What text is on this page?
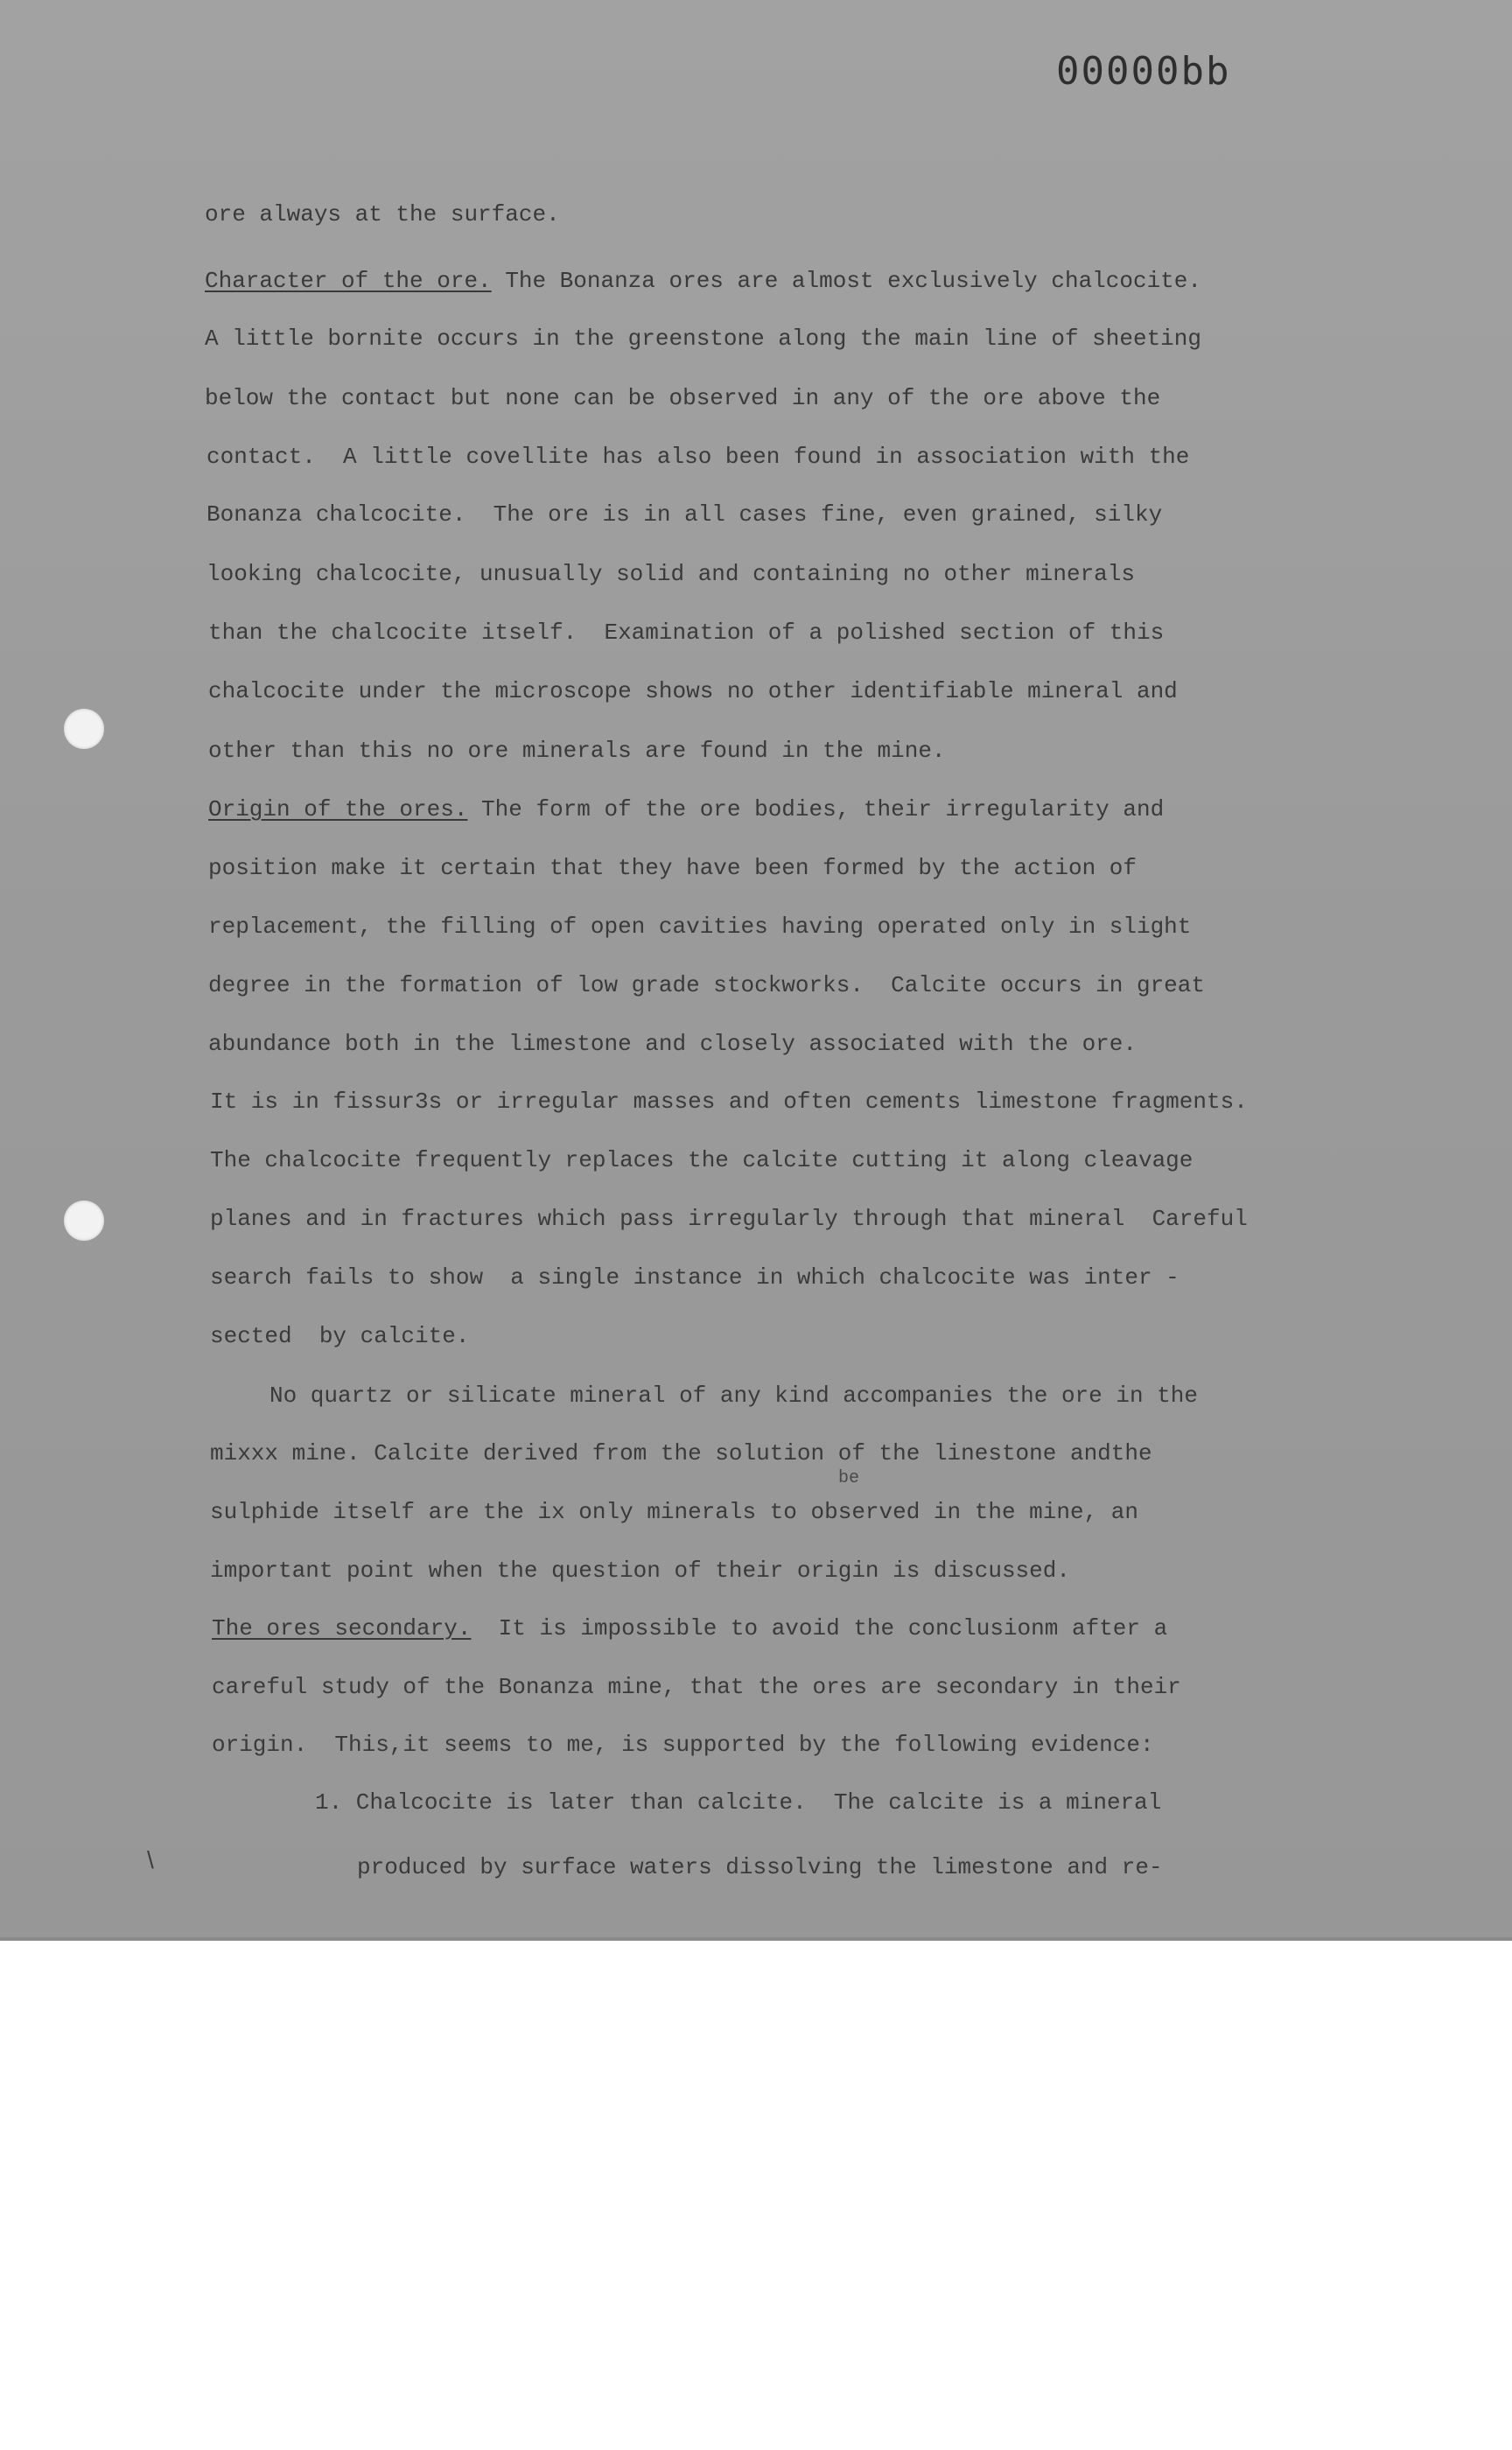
00000bb
ore always at the surface.
Character of the ore. The Bonanza ores are almost exclusively chalcocite.
A little bornite occurs in the greenstone along the main line of sheeting
below the contact but none can be observed in any of the ore above the
contact.  A little covellite has also been found in association with the
Bonanza chalcocite.  The ore is in all cases fine, even grained, silky
looking chalcocite, unusually solid and containing no other minerals
than the chalcocite itself.  Examination of a polished section of this
chalcocite under the microscope shows no other identifiable mineral and
other than this no ore minerals are found in the mine.
Origin of the ores. The form of the ore bodies, their irregularity and
position make it certain that they have been formed by the action of
replacement, the filling of open cavities having operated only in slight
degree in the formation of low grade stockworks.  Calcite occurs in great
abundance both in the limestone and closely associated with the ore.
It is in fissur3s or irregular masses and often cements limestone fragments.
The chalcocite frequently replaces the calcite cutting it along cleavage
planes and in fractures which pass irregularly through that mineral  Careful
search fails to show  a single instance in which chalcocite was inter -
sected  by calcite.
No quartz or silicate mineral of any kind accompanies the ore in the
mixxx mine. Calcite derived from the solution of the linestone andthe
sulphide itself are the ix only minerals to observed in the mine, an
important point when the question of their origin is discussed.
The ores secondary.  It is impossible to avoid the conclusionm after a
careful study of the Bonanza mine, that the ores are secondary in their
origin.  This,it seems to me, is supported by the following evidence:
1. Chalcocite is later than calcite.  The calcite is a mineral
produced by surface waters dissolving the limestone and re-
be
\
